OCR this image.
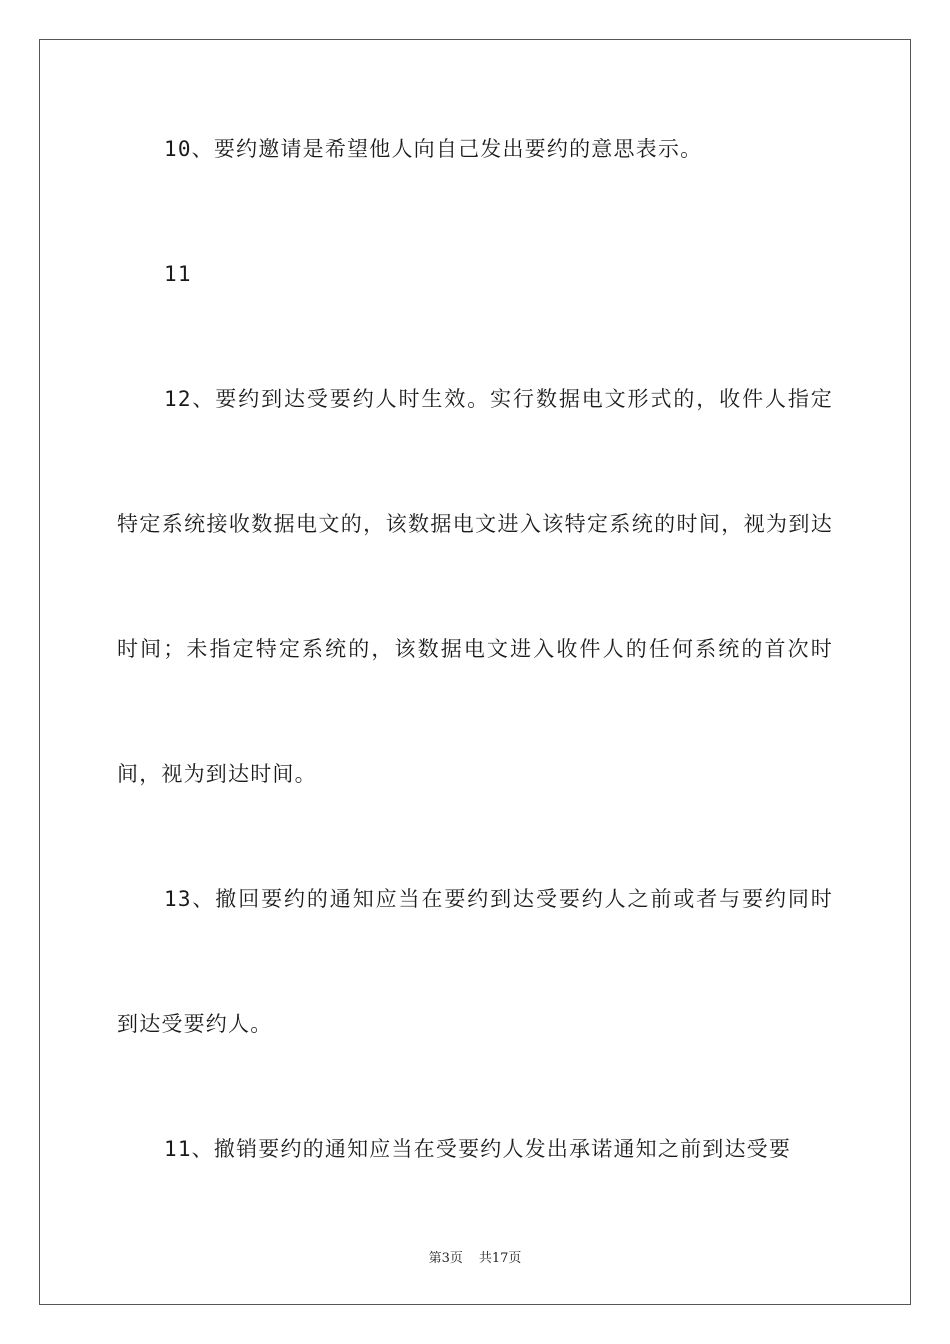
10、要约邀请是希望他人向自己发出要约的意思表示。

11

12、要约到达受要约人时生效。实行数据电文形式的，收件人指定特定系统接收数据电文的，该数据电文进入该特定系统的时间，视为到达时间；未指定特定系统的，该数据电文进入收件人的任何系统的首次时间，视为到达时间。

13、撤回要约的通知应当在要约到达受要约人之前或者与要约同时到达受要约人。

11、撤销要约的通知应当在受要约人发出承诺通知之前到达受要

第3页 共17页
